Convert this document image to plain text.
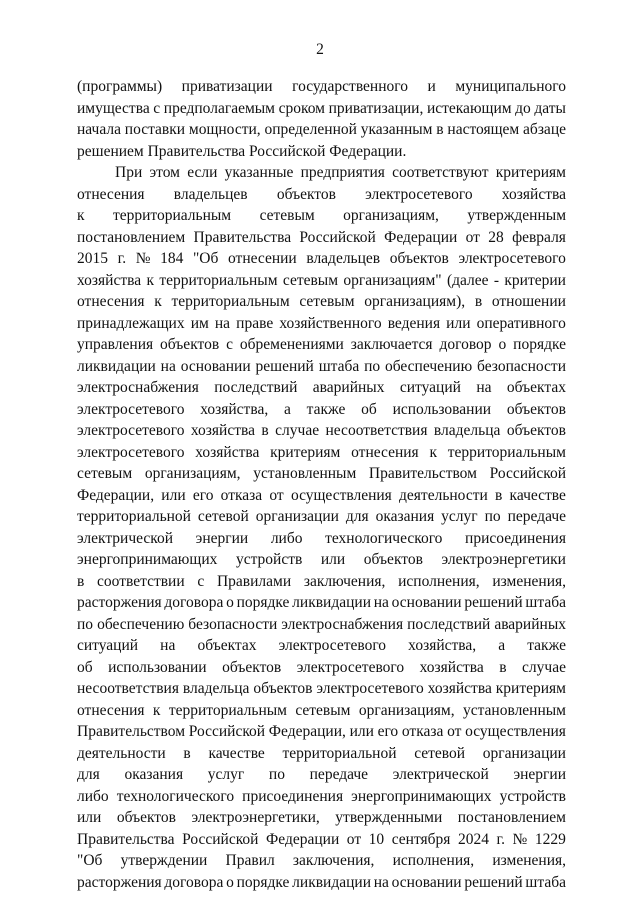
2
(программы) приватизации государственного и муниципального
имущества с предполагаемым сроком приватизации, истекающим до даты
начала поставки мощности, определенной указанным в настоящем абзаце
решением Правительства Российской Федерации.
При этом если указанные предприятия соответствуют критериям
отнесения владельцев объектов электросетевого хозяйства
к территориальным сетевым организациям, утвержденным
постановлением Правительства Российской Федерации от 28 февраля
2015 г. № 184 "Об отнесении владельцев объектов электросетевого
хозяйства к территориальным сетевым организациям" (далее - критерии
отнесения к территориальным сетевым организациям), в отношении
принадлежащих им на праве хозяйственного ведения или оперативного
управления объектов с обременениями заключается договор о порядке
ликвидации на основании решений штаба по обеспечению безопасности
электроснабжения последствий аварийных ситуаций на объектах
электросетевого хозяйства, а также об использовании объектов
электросетевого хозяйства в случае несоответствия владельца объектов
электросетевого хозяйства критериям отнесения к территориальным
сетевым организациям, установленным Правительством Российской
Федерации, или его отказа от осуществления деятельности в качестве
территориальной сетевой организации для оказания услуг по передаче
электрической энергии либо технологического присоединения
энергопринимающих устройств или объектов электроэнергетики
в соответствии с Правилами заключения, исполнения, изменения,
расторжения договора о порядке ликвидации на основании решений штаба
по обеспечению безопасности электроснабжения последствий аварийных
ситуаций на объектах электросетевого хозяйства, а также
об использовании объектов электросетевого хозяйства в случае
несоответствия владельца объектов электросетевого хозяйства критериям
отнесения к территориальным сетевым организациям, установленным
Правительством Российской Федерации, или его отказа от осуществления
деятельности в качестве территориальной сетевой организации
для оказания услуг по передаче электрической энергии
либо технологического присоединения энергопринимающих устройств
или объектов электроэнергетики, утвержденными постановлением
Правительства Российской Федерации от 10 сентября 2024 г. № 1229
"Об утверждении Правил заключения, исполнения, изменения,
расторжения договора о порядке ликвидации на основании решений штаба
